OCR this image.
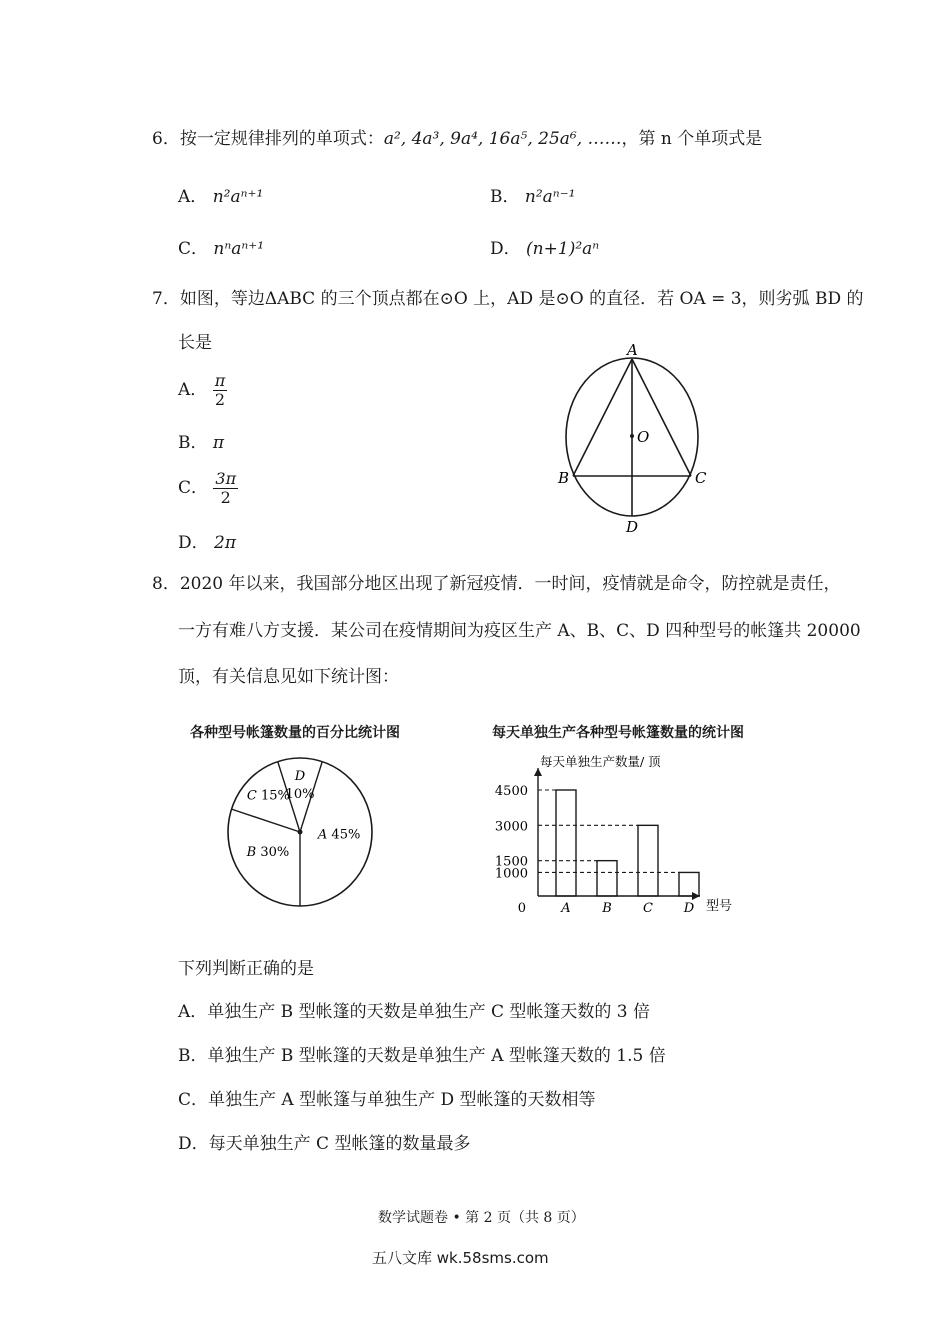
6．按一定规律排列的单项式：a², 4a³, 9a⁴, 16a⁵, 25a⁶, ……，第 n 个单项式是
A． n²aⁿ⁺¹	B． n²aⁿ⁻¹
C． nⁿaⁿ⁺¹	D． (n+1)²aⁿ
7．如图，等边ΔABC 的三个顶点都在⊙O 上，AD 是⊙O 的直径．若 OA = 3，则劣弧 BD 的
长是
A． $\frac{\pi}{2}$
B． π
C． $\frac{3\pi}{2}$
D． 2π
A
O
B	C
D
8．2020 年以来，我国部分地区出现了新冠疫情．一时间，疫情就是命令，防控就是责任，
一方有难八方支援．某公司在疫情期间为疫区生产 A、B、C、D 四种型号的帐篷共 20000
顶，有关信息见如下统计图：
各种型号帐篷数量的百分比统计图
A 45%
B 30%
C 15%
D 10%
每天单独生产各种型号帐篷数量的统计图
每天单独生产数量/ 顶
型号
0	A B C D
4500
3000
1500
1000
下列判断正确的是
A．单独生产 B 型帐篷的天数是单独生产 C 型帐篷天数的 3 倍
B．单独生产 B 型帐篷的天数是单独生产 A 型帐篷天数的 1.5 倍
C．单独生产 A 型帐篷与单独生产 D 型帐篷的天数相等
D．每天单独生产 C 型帐篷的数量最多
数学试题卷 • 第 2 页（共 8 页）
五八文库 wk.58sms.com
